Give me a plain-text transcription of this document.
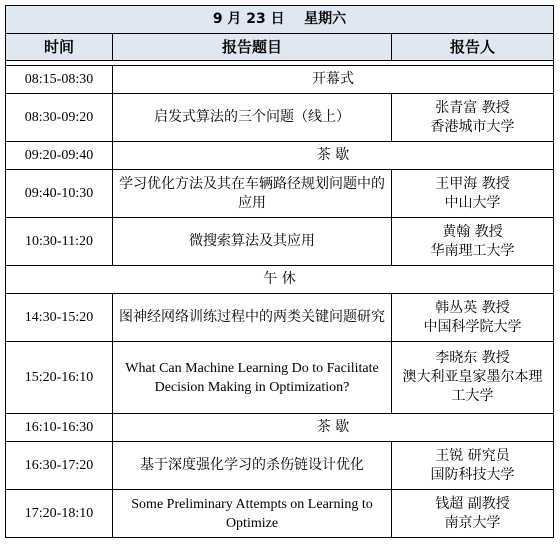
9 月 23 日 星期六		
时间	报告题目	报告人

08:15-08:30	开幕式	
08:30-09:20	启发式算法的三个问题（线上）	张青富 教授
香港城市大学

09:20-09:40	茶 歇	
09:40-10:30	学习优化方法及其在车辆路径规划问题中的应用	王甲海 教授
中山大学

10:30-11:20	微搜索算法及其应用	黄翰 教授
华南理工大学

午 休		
14:30-15:20	图神经网络训练过程中的两类关键问题研究	韩丛英 教授
中国科学院大学

15:20-16:10	What Can Machine Learning Do to Facilitate Decision Making in Optimization?	李晓东 教授
澳大利亚皇家墨尔本理工大学

16:10-16:30	茶 歇	
16:30-17:20	基于深度强化学习的杀伤链设计优化	王锐 研究员
国防科技大学

17:20-18:10	Some Preliminary Attempts on Learning to Optimize	钱超 副教授
南京大学
